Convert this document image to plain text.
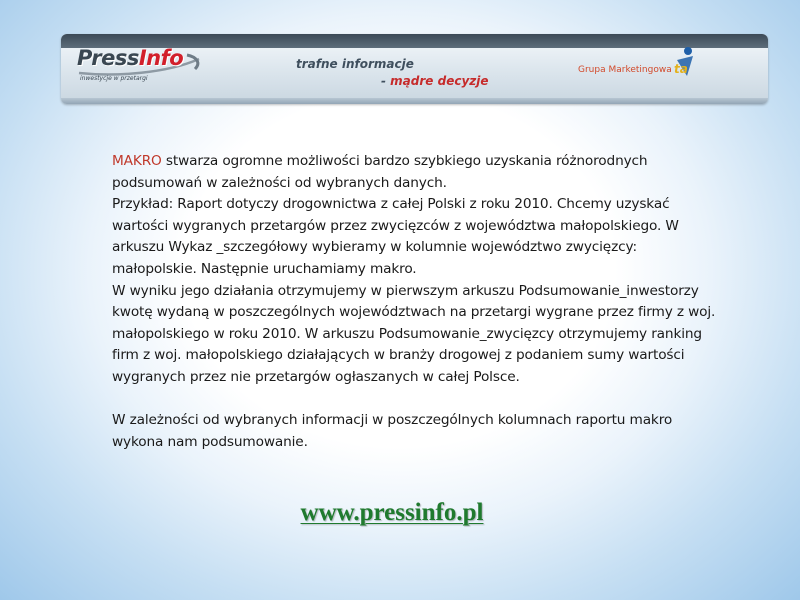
PressInfo
inwestycje w przetargi
trafne informacje
- mądre decyzje
Grupa Marketingowa ta

MAKRO stwarza ogromne możliwości bardzo szybkiego uzyskania różnorodnych podsumowań w zależności od wybranych danych.

Przykład: Raport dotyczy drogownictwa z całej Polski z roku 2010. Chcemy uzyskać wartości wygranych przetargów przez zwycięzców z województwa małopolskiego. W arkuszu Wykaz _szczegółowy wybieramy w kolumnie województwo zwycięzcy: małopolskie. Następnie uruchamiamy makro.

W wyniku jego działania otrzymujemy w pierwszym arkuszu Podsumowanie_inwestorzy kwotę wydaną w poszczególnych województwach na przetargi wygrane przez firmy z woj. małopolskiego w roku 2010. W arkuszu Podsumowanie_zwycięzcy otrzymujemy ranking firm z woj. małopolskiego działających w branży drogowej z podaniem sumy wartości wygranych przez nie przetargów ogłaszanych w całej Polsce.

W zależności od wybranych informacji w poszczególnych kolumnach raportu makro wykona nam podsumowanie.

www.pressinfo.pl
